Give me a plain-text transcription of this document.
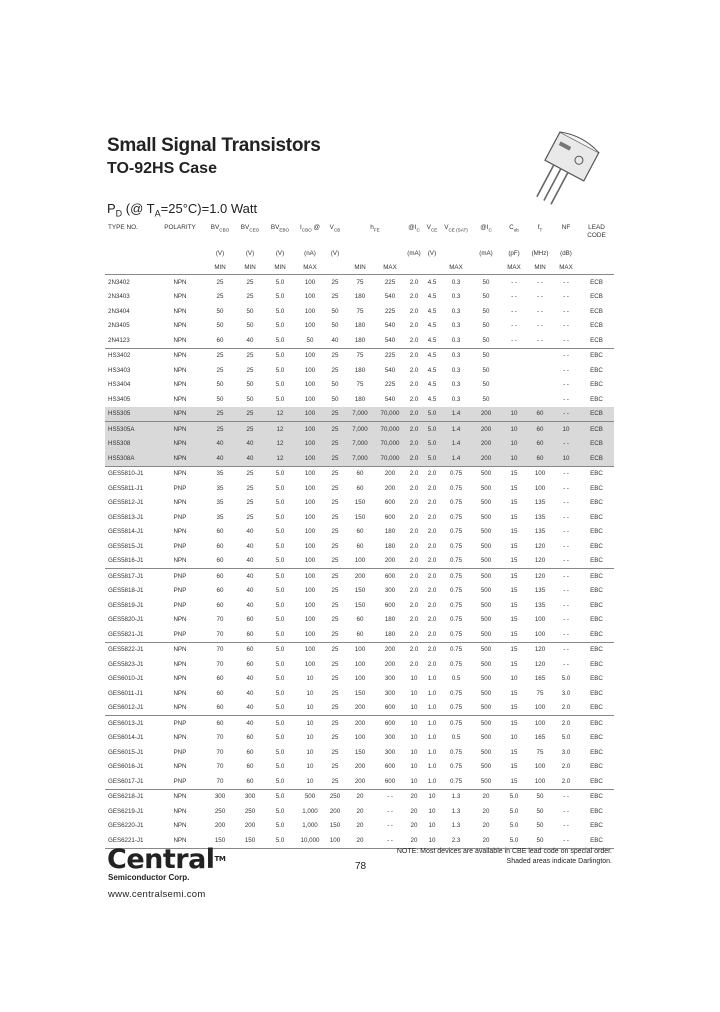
Small Signal Transistors
TO-92HS Case
$P_D$ (@ $T_A=25^\circ C)=1.0$ Watt
TYPE NO.	POLARITY	$BV_{CBO}$	$BV_{CEO}$	$BV_{EBO}$	$I_{CBO}$ @	$V_{CB}$	$h_{FE}$		$@I_C$	$V_{CE}$	$V_{CE (SAT)}$	$@I_C$	$C_{ob}$	$f_T$	NF	LEAD CODE
		(V)	(V)	(V)	(nA)	(V)			(mA)	(V)		(mA)	(pF)	(MHz)	(dB)	
		MIN	MIN	MIN	MAX		MIN	MAX			MAX		MAX	MIN	MAX	
2N3402	NPN	25	25	5.0	100	25	75	225	2.0	4.5	0.3	50	- -	- -	- -	ECB
2N3403	NPN	25	25	5.0	100	25	180	540	2.0	4.5	0.3	50	- -	- -	- -	ECB
2N3404	NPN	50	50	5.0	100	50	75	225	2.0	4.5	0.3	50	- -	- -	- -	ECB
2N3405	NPN	50	50	5.0	100	50	180	540	2.0	4.5	0.3	50	- -	- -	- -	ECB
2N4123	NPN	60	40	5.0	50	40	180	540	2.0	4.5	0.3	50	- -	- -	- -	ECB
HS3402	NPN	25	25	5.0	100	25	75	225	2.0	4.5	0.3	50			- -	EBC
HS3403	NPN	25	25	5.0	100	25	180	540	2.0	4.5	0.3	50			- -	EBC
HS3404	NPN	50	50	5.0	100	50	75	225	2.0	4.5	0.3	50			- -	EBC
HS3405	NPN	50	50	5.0	100	50	180	540	2.0	4.5	0.3	50			- -	EBC
HS5305	NPN	25	25	12	100	25	7,000	70,000	2.0	5.0	1.4	200	10	60	- -	ECB
HS5305A	NPN	25	25	12	100	25	7,000	70,000	2.0	5.0	1.4	200	10	60	10	ECB
HS5308	NPN	40	40	12	100	25	7,000	70,000	2.0	5.0	1.4	200	10	60	- -	ECB
HS5308A	NPN	40	40	12	100	25	7,000	70,000	2.0	5.0	1.4	200	10	60	10	ECB
GES5810-J1	NPN	35	25	5.0	100	25	60	200	2.0	2.0	0.75	500	15	100	- -	EBC
GES5811-J1	PNP	35	25	5.0	100	25	60	200	2.0	2.0	0.75	500	15	100	- -	EBC
GES5812-J1	NPN	35	25	5.0	100	25	150	600	2.0	2.0	0.75	500	15	135	- -	EBC
GES5813-J1	PNP	35	25	5.0	100	25	150	600	2.0	2.0	0.75	500	15	135	- -	EBC
GES5814-J1	NPN	60	40	5.0	100	25	60	180	2.0	2.0	0.75	500	15	135	- -	EBC
GES5815-J1	PNP	60	40	5.0	100	25	60	180	2.0	2.0	0.75	500	15	120	- -	EBC
GES5816-J1	NPN	60	40	5.0	100	25	100	200	2.0	2.0	0.75	500	15	120	- -	EBC
GES5817-J1	PNP	60	40	5.0	100	25	200	600	2.0	2.0	0.75	500	15	120	- -	EBC
GES5818-J1	PNP	60	40	5.0	100	25	150	300	2.0	2.0	0.75	500	15	135	- -	EBC
GES5819-J1	PNP	60	40	5.0	100	25	150	600	2.0	2.0	0.75	500	15	135	- -	EBC
GES5820-J1	NPN	70	60	5.0	100	25	60	180	2.0	2.0	0.75	500	15	100	- -	EBC
GES5821-J1	PNP	70	60	5.0	100	25	60	180	2.0	2.0	0.75	500	15	100	- -	EBC
GES5822-J1	NPN	70	60	5.0	100	25	100	200	2.0	2.0	0.75	500	15	120	- -	EBC
GES5823-J1	NPN	70	60	5.0	100	25	100	200	2.0	2.0	0.75	500	15	120	- -	EBC
GES6010-J1	NPN	60	40	5.0	10	25	100	300	10	1.0	0.5	500	10	165	5.0	EBC
GES6011-J1	NPN	60	40	5.0	10	25	150	300	10	1.0	0.75	500	15	75	3.0	EBC
GES6012-J1	NPN	60	40	5.0	10	25	200	600	10	1.0	0.75	500	15	100	2.0	EBC
GES6013-J1	PNP	60	40	5.0	10	25	200	600	10	1.0	0.75	500	15	100	2.0	EBC
GES6014-J1	NPN	70	60	5.0	10	25	100	300	10	1.0	0.5	500	10	165	5.0	EBC
GES6015-J1	PNP	70	60	5.0	10	25	150	300	10	1.0	0.75	500	15	75	3.0	EBC
GES6016-J1	NPN	70	60	5.0	10	25	200	600	10	1.0	0.75	500	15	100	2.0	EBC
GES6017-J1	PNP	70	60	5.0	10	25	200	600	10	1.0	0.75	500	15	100	2.0	EBC
GES6218-J1	NPN	300	300	5.0	500	250	20	- -	20	10	1.3	20	5.0	50	- -	EBC
GES6219-J1	NPN	250	250	5.0	1,000	200	20	- -	20	10	1.3	20	5.0	50	- -	EBC
GES6220-J1	NPN	200	200	5.0	1,000	150	20	- -	20	10	1.3	20	5.0	50	- -	EBC
GES6221-J1	NPN	150	150	5.0	10,000	100	20	- -	20	10	2.3	20	5.0	50	- -	EBC
Central™
Semiconductor Corp.
www.centralsemi.com
78
NOTE: Most devices are available in CBE lead code on special order.
Shaded areas indicate Darlington.
